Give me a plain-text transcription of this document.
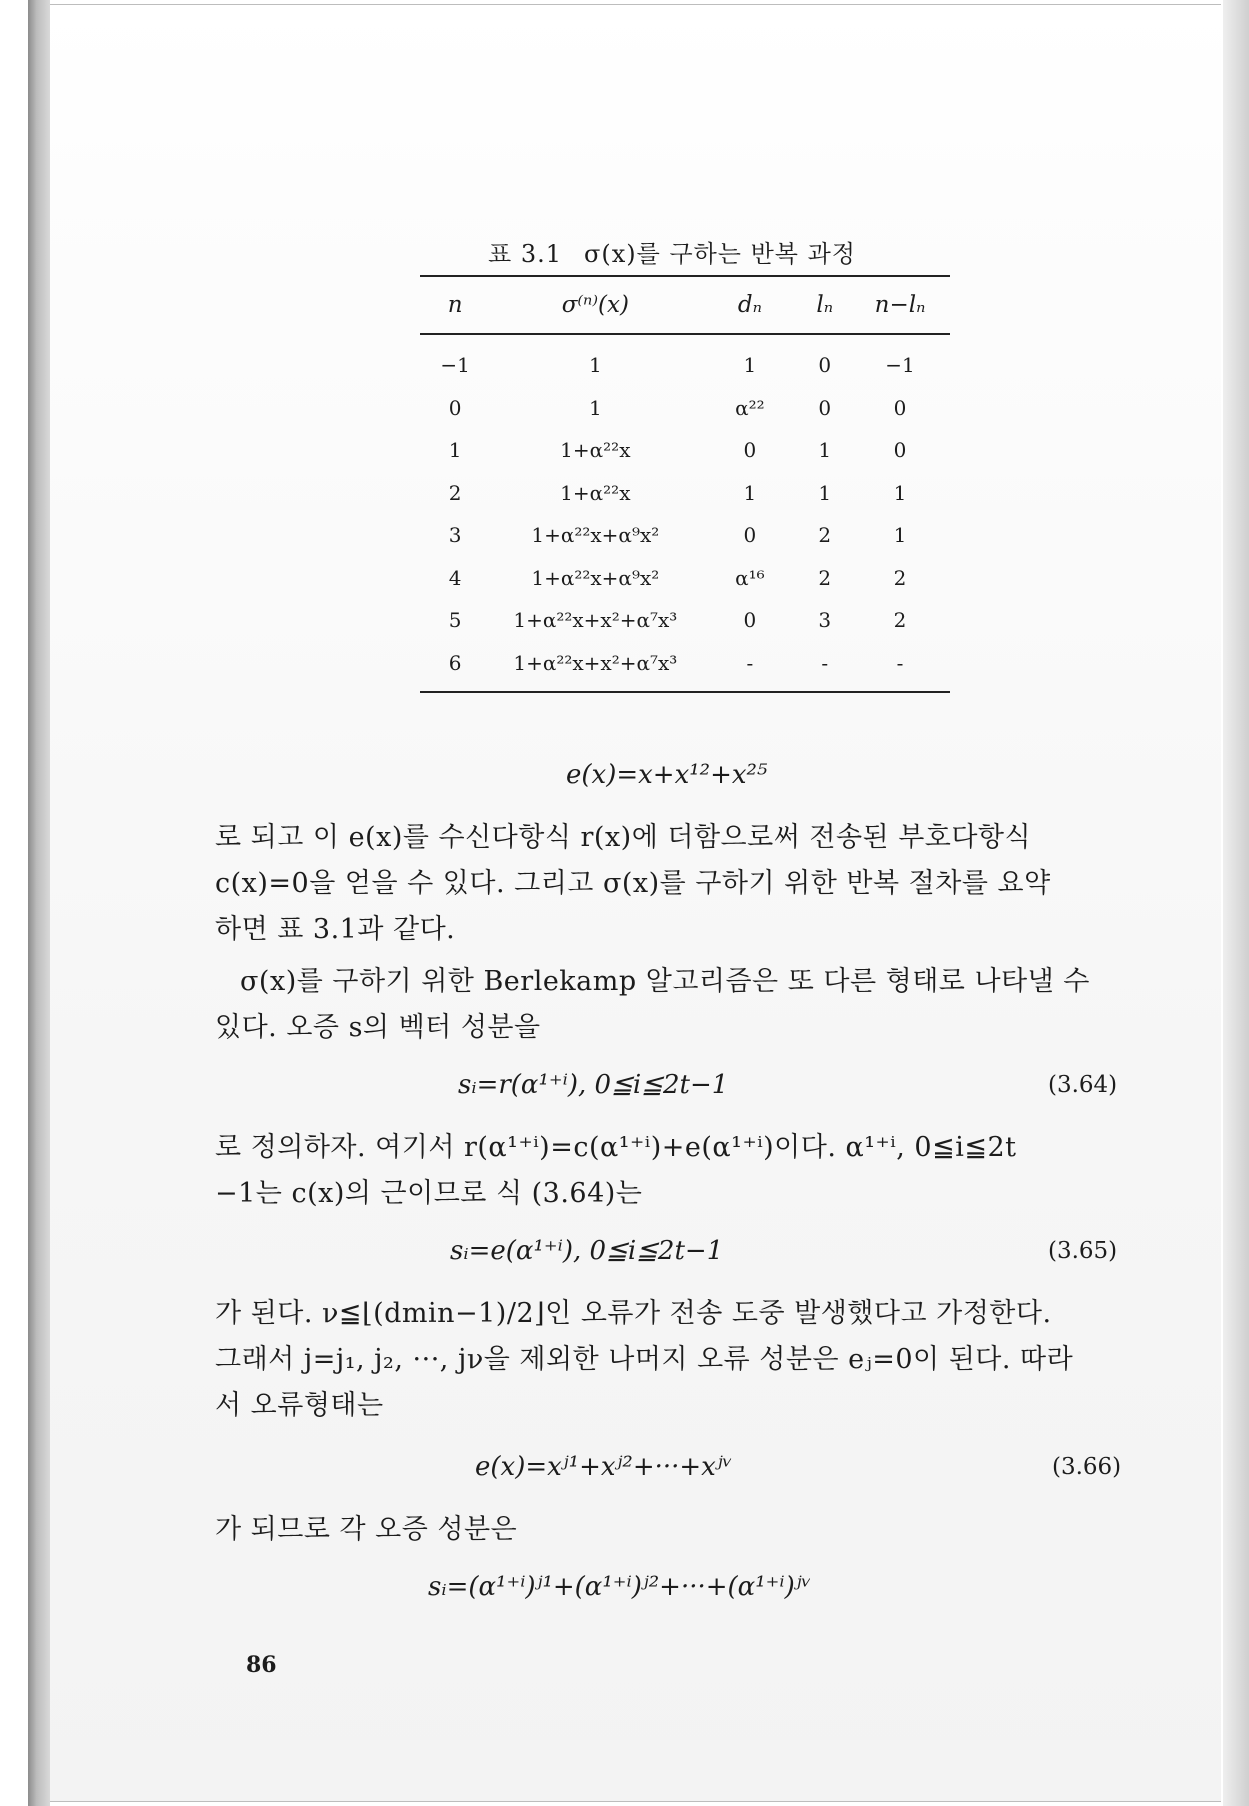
표 3.1 σ(x)를 구하는 반복 과정
n	σ⁽ⁿ⁾(x)	dₙ	lₙ	n−lₙ
−1	1	1	0	−1
0	1	α²²	0	0
1	1+α²²x	0	1	0
2	1+α²²x	1	1	1
3	1+α²²x+α⁹x²	0	2	1
4	1+α²²x+α⁹x²	α¹⁶	2	2
5	1+α²²x+x²+α⁷x³	0	3	2
6	1+α²²x+x²+α⁷x³	-	-	-
e(x)=x+x¹²+x²⁵
로 되고 이 e(x)를 수신다항식 r(x)에 더함으로써 전송된 부호다항식
c(x)=0을 얻을 수 있다. 그리고 σ(x)를 구하기 위한 반복 절차를 요약
하면 표 3.1과 같다.
σ(x)를 구하기 위한 Berlekamp 알고리즘은 또 다른 형태로 나타낼 수
있다. 오증 s의 벡터 성분을
sᵢ=r(α¹⁺ⁱ), 0≦i≦2t−1	(3.64)
로 정의하자. 여기서 r(α¹⁺ⁱ)=c(α¹⁺ⁱ)+e(α¹⁺ⁱ)이다. α¹⁺ⁱ, 0≦i≦2t
−1는 c(x)의 근이므로 식 (3.64)는
sᵢ=e(α¹⁺ⁱ), 0≦i≦2t−1	(3.65)
가 된다. ν≦⌊(dmin−1)/2⌋인 오류가 전송 도중 발생했다고 가정한다.
그래서 j=j₁, j₂, ···, jν을 제외한 나머지 오류 성분은 eⱼ=0이 된다. 따라
서 오류형태는
e(x)=xʲ¹+xʲ²+···+xʲᵛ	(3.66)
가 되므로 각 오증 성분은
sᵢ=(α¹⁺ⁱ)ʲ¹+(α¹⁺ⁱ)ʲ²+···+(α¹⁺ⁱ)ʲᵛ
86
